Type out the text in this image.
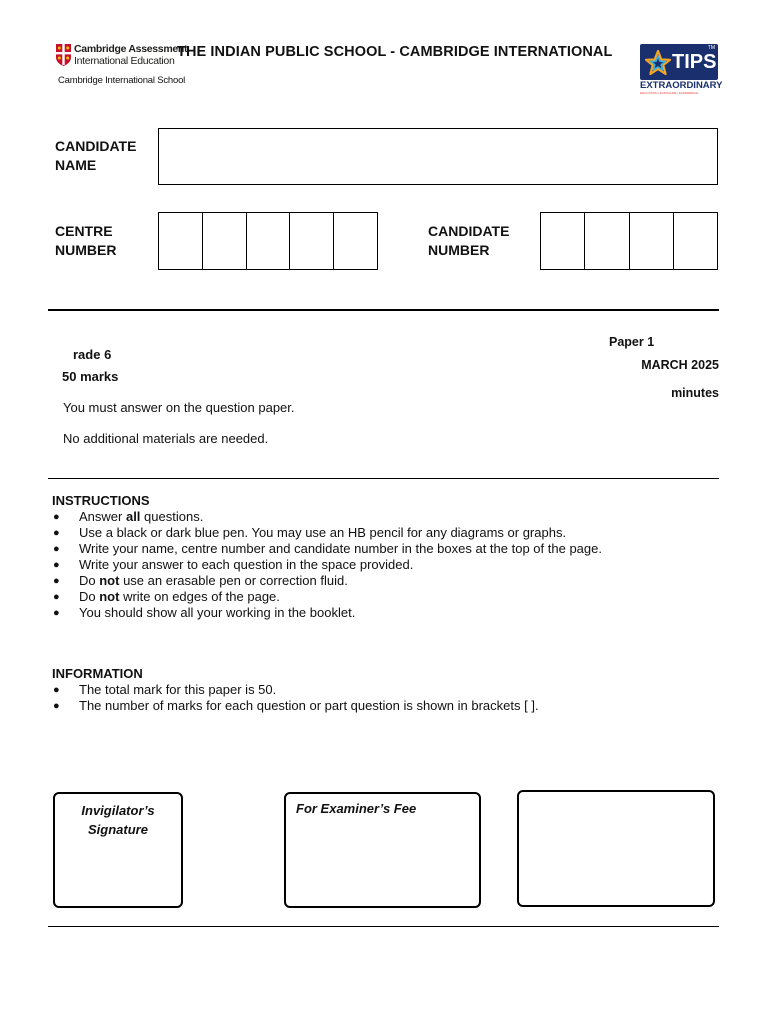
Cambridge Assessment
International Education
Cambridge International School
THE INDIAN PUBLIC SCHOOL - CAMBRIDGE INTERNATIONAL	TIPS
TM
EXTRAORDINARY
EDUCATION | EXPOSURE | EXPERIENCE
CANDIDATE
NAME
CENTRE
NUMBER
CANDIDATE
NUMBER
rade 6
50 marks
Paper 1
MARCH 2025
minutes
You must answer on the question paper.
No additional materials are needed.
INSTRUCTIONS
● Answer all questions.
● Use a black or dark blue pen. You may use an HB pencil for any diagrams or graphs.
● Write your name, centre number and candidate number in the boxes at the top of the page.
● Write your answer to each question in the space provided.
● Do not use an erasable pen or correction fluid.
● Do not write on edges of the page.
● You should show all your working in the booklet.
INFORMATION
● The total mark for this paper is 50.
● The number of marks for each question or part question is shown in brackets [ ].
Invigilator’s
Signature
For Examiner’s Fee
